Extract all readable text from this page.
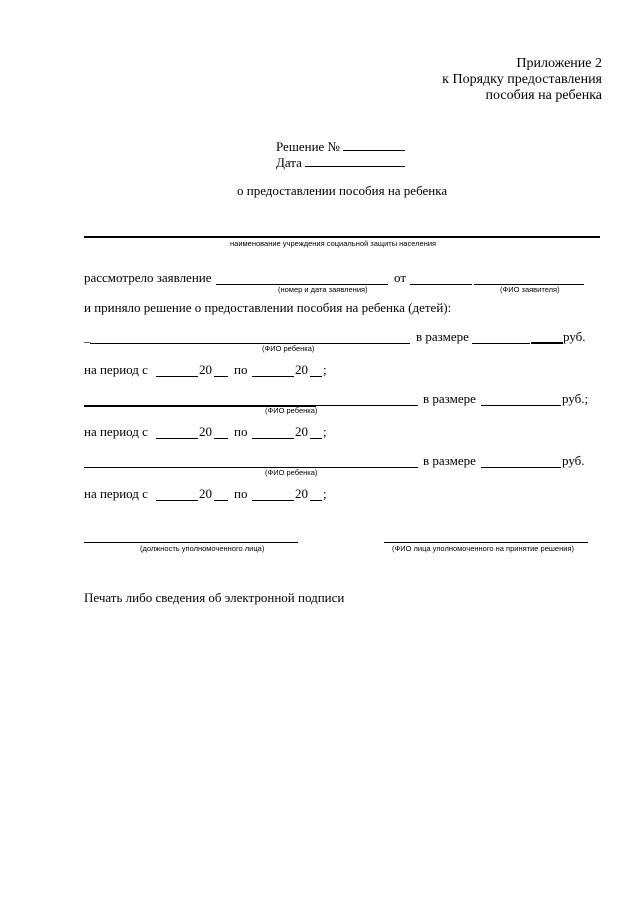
Приложение 2
к Порядку предоставления
пособия на ребенка
Решение №
Дата
о предоставлении пособия на ребенка
наименование учреждения социальной защиты населения
рассмотрело заявление
(номер и дата заявления)
от
(ФИО заявителя)
и приняло решение о предоставлении пособия на ребенка (детей):
_
(ФИО ребенка)
в размере	руб.
на период с	20 по	20 ;
(ФИО ребенка)
в размере	руб.;
на период с	20 по	20 ;
(ФИО ребенка)
в размере	руб.
на период с	20 по	20 ;
(должность уполномоченного лица)	(ФИО лица уполномоченного на принятие решения)
Печать либо сведения об электронной подписи
